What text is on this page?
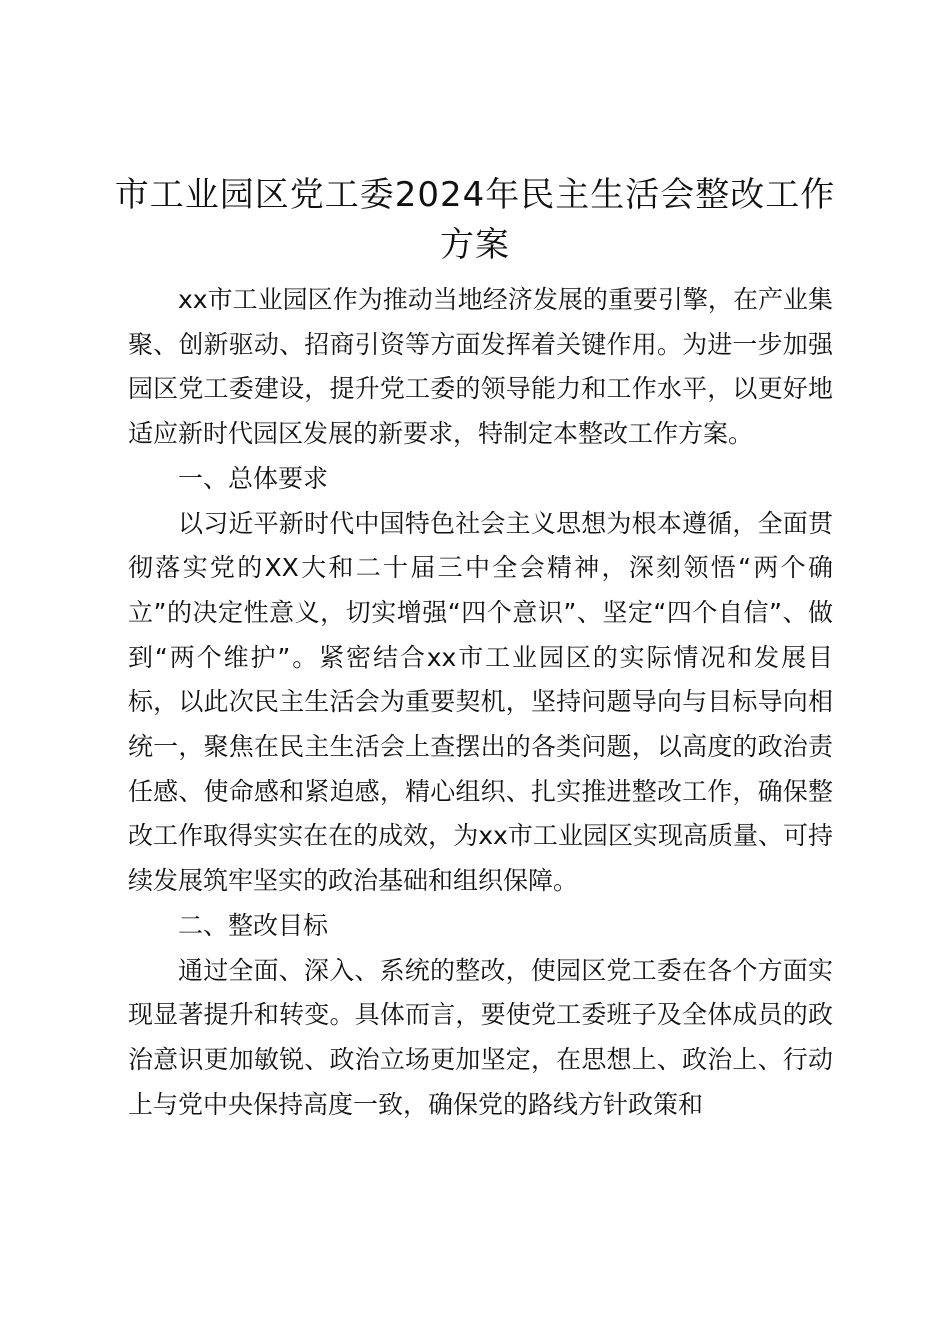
市工业园区党工委2024年民主生活会整改工作方案

xx市工业园区作为推动当地经济发展的重要引擎，在产业集聚、创新驱动、招商引资等方面发挥着关键作用。为进一步加强园区党工委建设，提升党工委的领导能力和工作水平，以更好地适应新时代园区发展的新要求，特制定本整改工作方案。

一、总体要求

以习近平新时代中国特色社会主义思想为根本遵循，全面贯彻落实党的XX大和二十届三中全会精神，深刻领悟“两个确立”的决定性意义，切实增强“四个意识”、坚定“四个自信”、做到“两个维护”。紧密结合xx市工业园区的实际情况和发展目标，以此次民主生活会为重要契机，坚持问题导向与目标导向相统一，聚焦在民主生活会上查摆出的各类问题，以高度的政治责任感、使命感和紧迫感，精心组织、扎实推进整改工作，确保整改工作取得实实在在的成效，为xx市工业园区实现高质量、可持续发展筑牢坚实的政治基础和组织保障。

二、整改目标

通过全面、深入、系统的整改，使园区党工委在各个方面实现显著提升和转变。具体而言，要使党工委班子及全体成员的政治意识更加敏锐、政治立场更加坚定，在思想上、政治上、行动上与党中央保持高度一致，确保党的路线方针政策和
